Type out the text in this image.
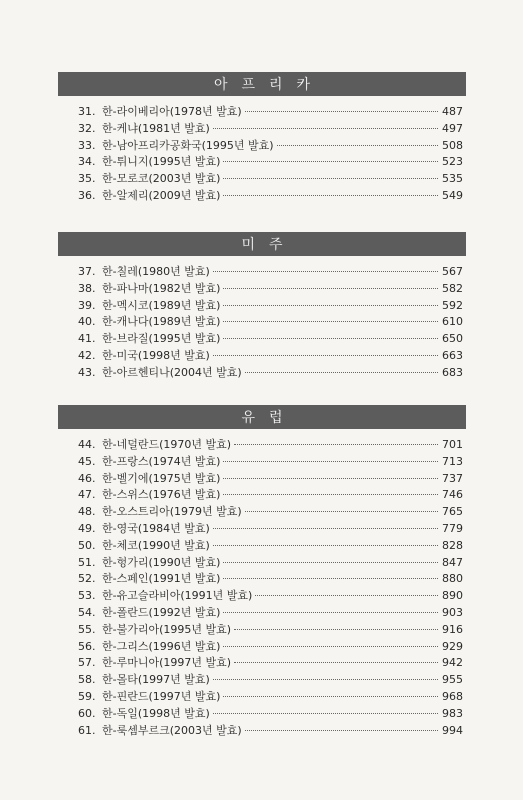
아프리카
31. 한-라이베리아(1978년 발효)	487
32. 한-케냐(1981년 발효)	497
33. 한-남아프리카공화국(1995년 발효)	508
34. 한-튀니지(1995년 발효)	523
35. 한-모로코(2003년 발효)	535
36. 한-알제리(2009년 발효)	549
미주
37. 한-칠레(1980년 발효)	567
38. 한-파나마(1982년 발효)	582
39. 한-멕시코(1989년 발효)	592
40. 한-캐나다(1989년 발효)	610
41. 한-브라질(1995년 발효)	650
42. 한-미국(1998년 발효)	663
43. 한-아르헨티나(2004년 발효)	683
유럽
44. 한-네덜란드(1970년 발효)	701
45. 한-프랑스(1974년 발효)	713
46. 한-벨기에(1975년 발효)	737
47. 한-스위스(1976년 발효)	746
48. 한-오스트리아(1979년 발효)	765
49. 한-영국(1984년 발효)	779
50. 한-체코(1990년 발효)	828
51. 한-헝가리(1990년 발효)	847
52. 한-스페인(1991년 발효)	880
53. 한-유고슬라비아(1991년 발효)	890
54. 한-폴란드(1992년 발효)	903
55. 한-불가리아(1995년 발효)	916
56. 한-그리스(1996년 발효)	929
57. 한-루마니아(1997년 발효)	942
58. 한-몰타(1997년 발효)	955
59. 한-핀란드(1997년 발효)	968
60. 한-독일(1998년 발효)	983
61. 한-룩셈부르크(2003년 발효)	994
